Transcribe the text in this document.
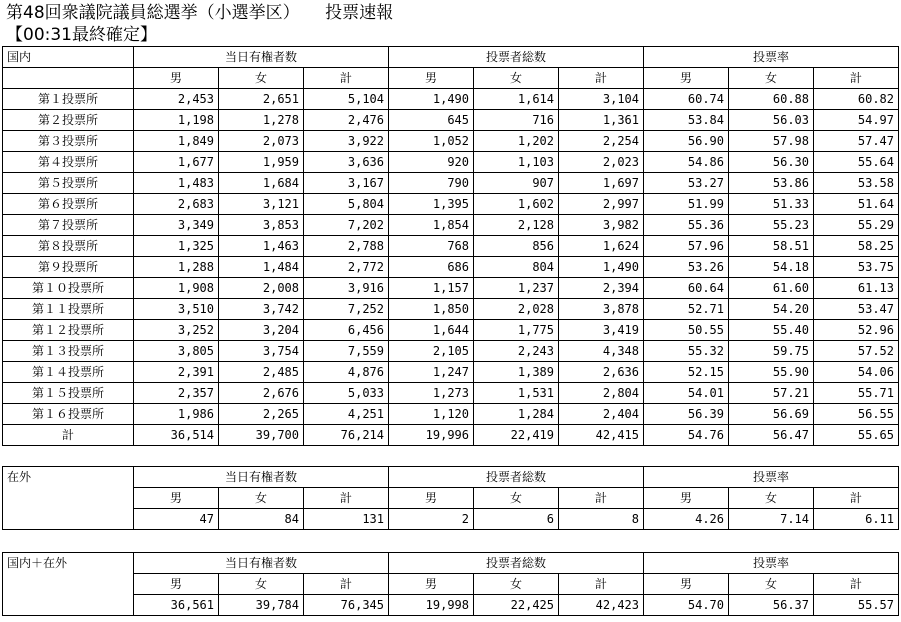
第48回衆議院議員総選挙（小選挙区）　　投票速報
【00:31最終確定】
国内	当日有権者数			投票者総数			投票率		
	男	女	計	男	女	計	男	女	計
第１投票所	2,453	2,651	5,104	1,490	1,614	3,104	60.74	60.88	60.82
第２投票所	1,198	1,278	2,476	645	716	1,361	53.84	56.03	54.97
第３投票所	1,849	2,073	3,922	1,052	1,202	2,254	56.90	57.98	57.47
第４投票所	1,677	1,959	3,636	920	1,103	2,023	54.86	56.30	55.64
第５投票所	1,483	1,684	3,167	790	907	1,697	53.27	53.86	53.58
第６投票所	2,683	3,121	5,804	1,395	1,602	2,997	51.99	51.33	51.64
第７投票所	3,349	3,853	7,202	1,854	2,128	3,982	55.36	55.23	55.29
第８投票所	1,325	1,463	2,788	768	856	1,624	57.96	58.51	58.25
第９投票所	1,288	1,484	2,772	686	804	1,490	53.26	54.18	53.75
第１０投票所	1,908	2,008	3,916	1,157	1,237	2,394	60.64	61.60	61.13
第１１投票所	3,510	3,742	7,252	1,850	2,028	3,878	52.71	54.20	53.47
第１２投票所	3,252	3,204	6,456	1,644	1,775	3,419	50.55	55.40	52.96
第１３投票所	3,805	3,754	7,559	2,105	2,243	4,348	55.32	59.75	57.52
第１４投票所	2,391	2,485	4,876	1,247	1,389	2,636	52.15	55.90	54.06
第１５投票所	2,357	2,676	5,033	1,273	1,531	2,804	54.01	57.21	55.71
第１６投票所	1,986	2,265	4,251	1,120	1,284	2,404	56.39	56.69	56.55
計	36,514	39,700	76,214	19,996	22,419	42,415	54.76	56.47	55.65
在外	当日有権者数			投票者総数			投票率		
	男	女	計	男	女	計	男	女	計
	47	84	131	2	6	8	4.26	7.14	6.11
国内＋在外	当日有権者数			投票者総数			投票率		
	男	女	計	男	女	計	男	女	計
	36,561	39,784	76,345	19,998	22,425	42,423	54.70	56.37	55.57
